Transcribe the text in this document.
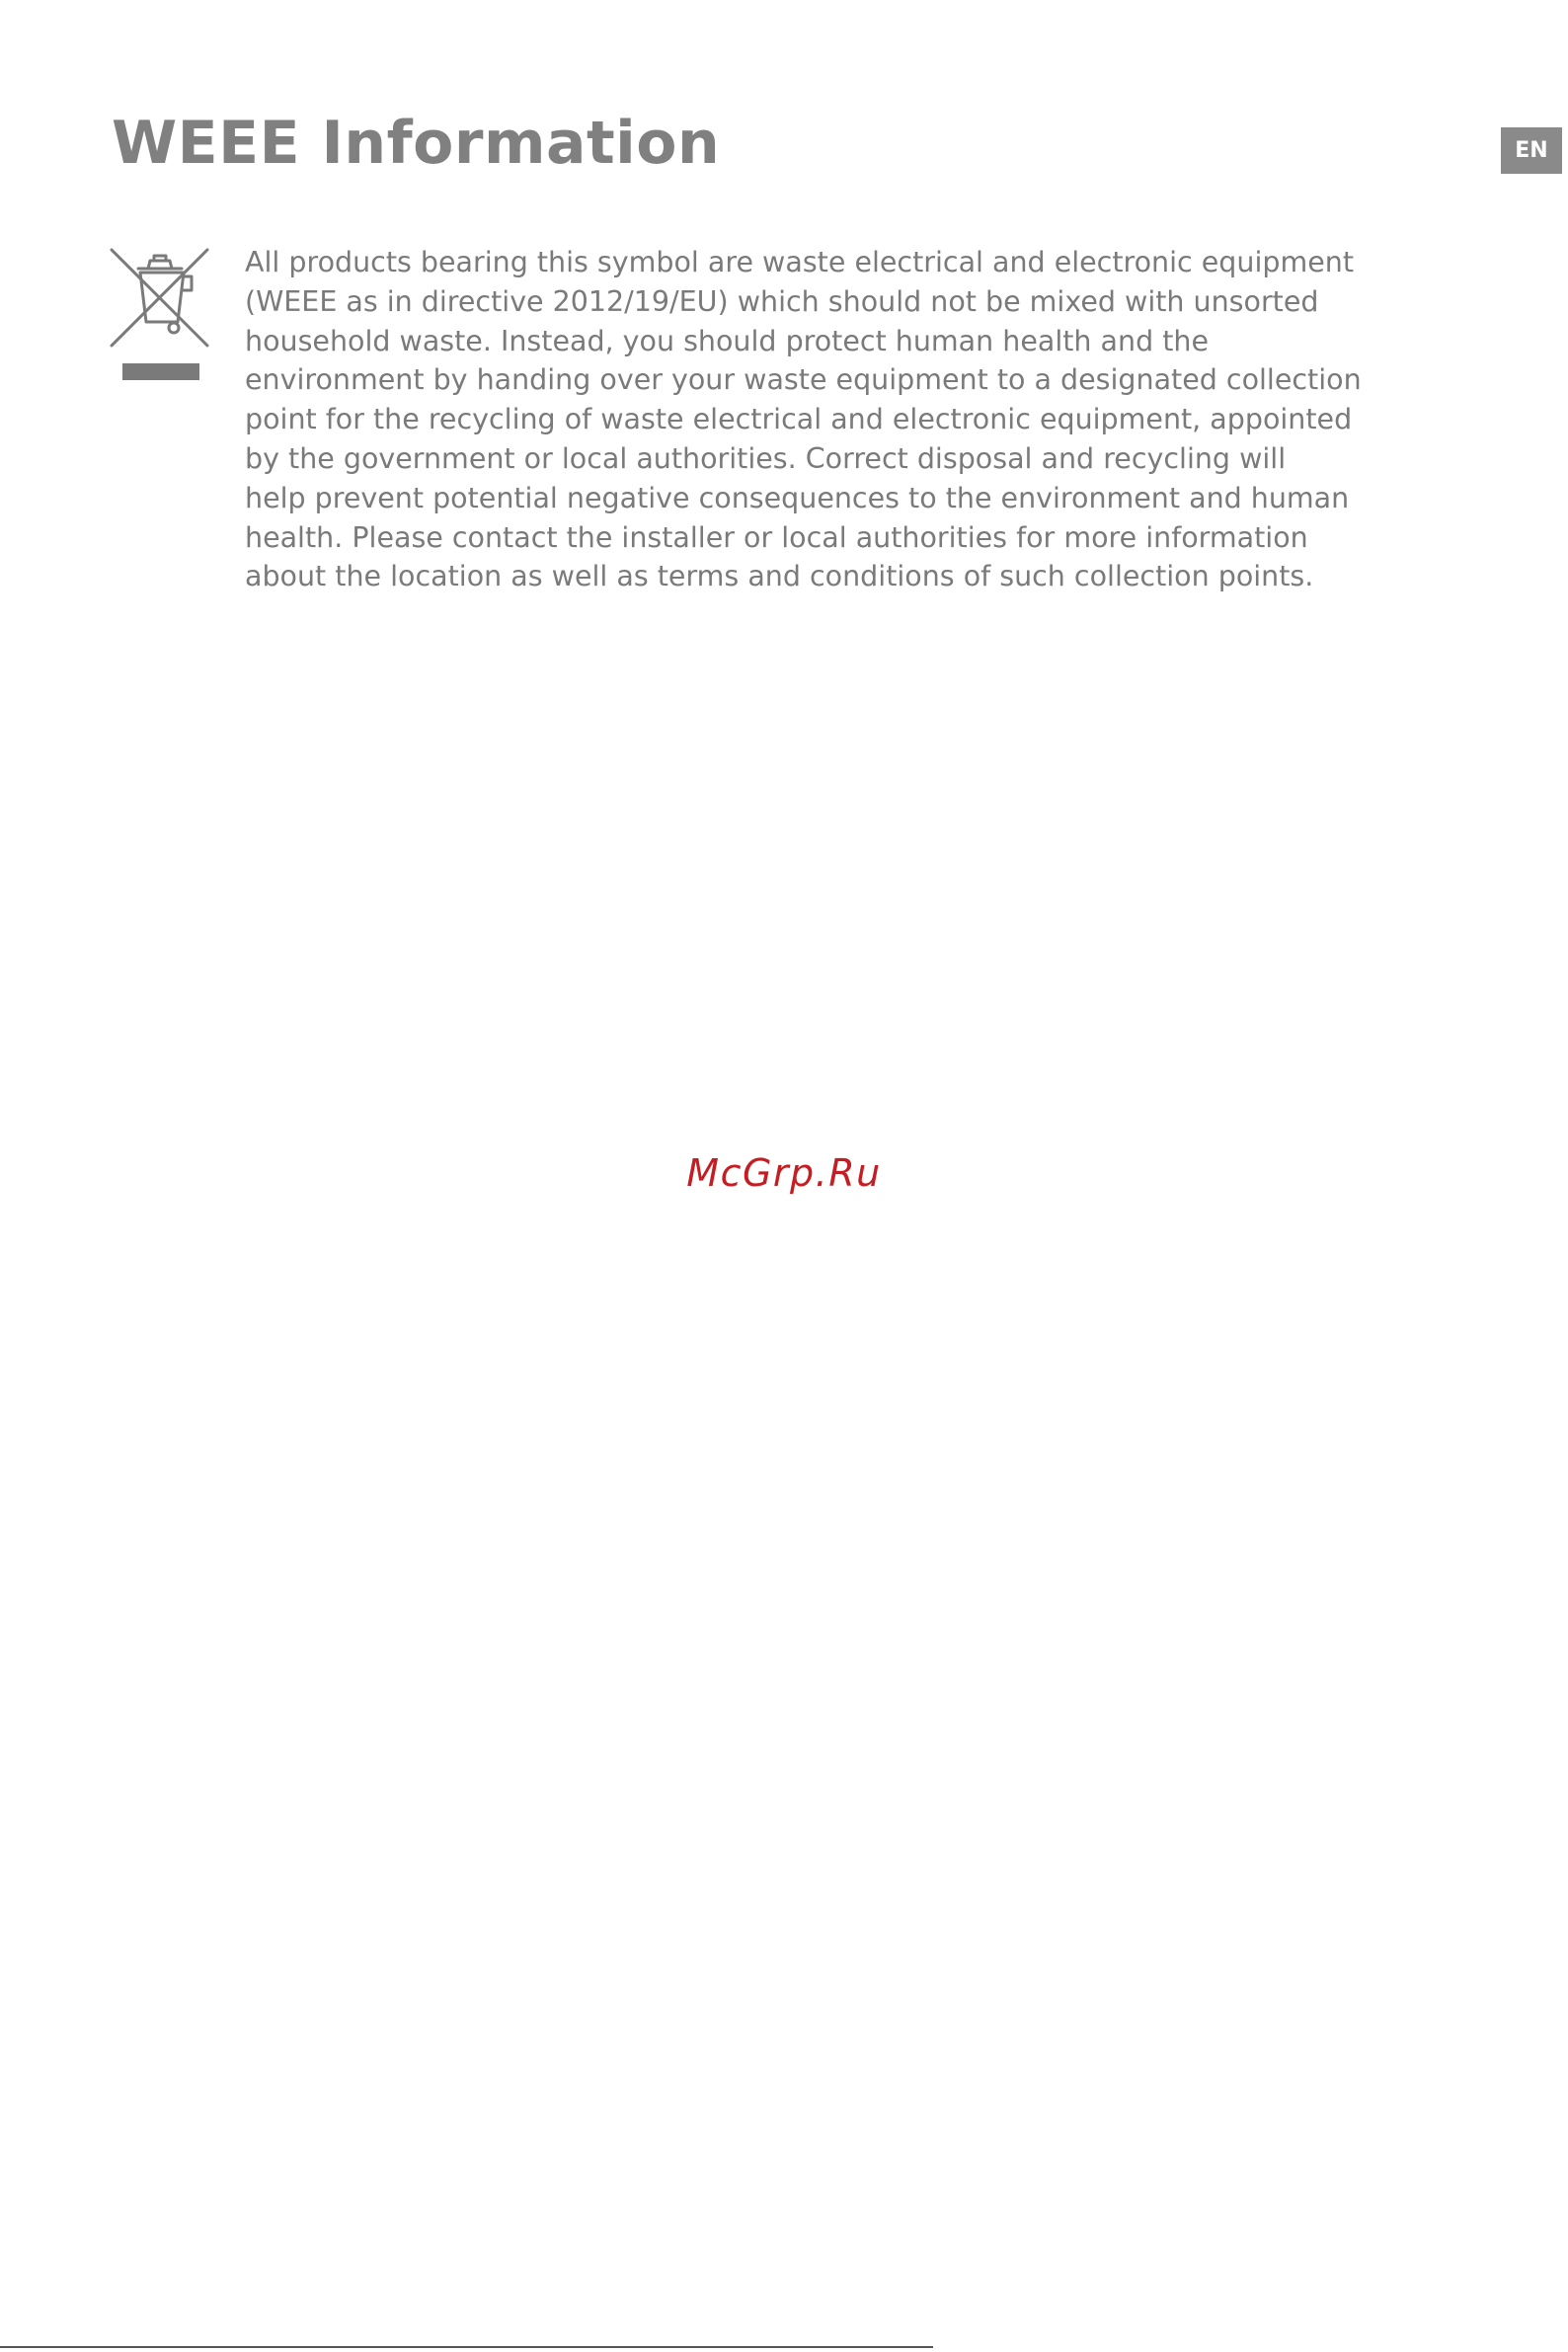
WEEE Information	EN

All products bearing this symbol are waste electrical and electronic equipment
(WEEE as in directive 2012/19/EU) which should not be mixed with unsorted
household waste. Instead, you should protect human health and the
environment by handing over your waste equipment to a designated collection
point for the recycling of waste electrical and electronic equipment, appointed
by the government or local authorities. Correct disposal and recycling will
help prevent potential negative consequences to the environment and human
health. Please contact the installer or local authorities for more information
about the location as well as terms and conditions of such collection points.

McGrp.Ru
